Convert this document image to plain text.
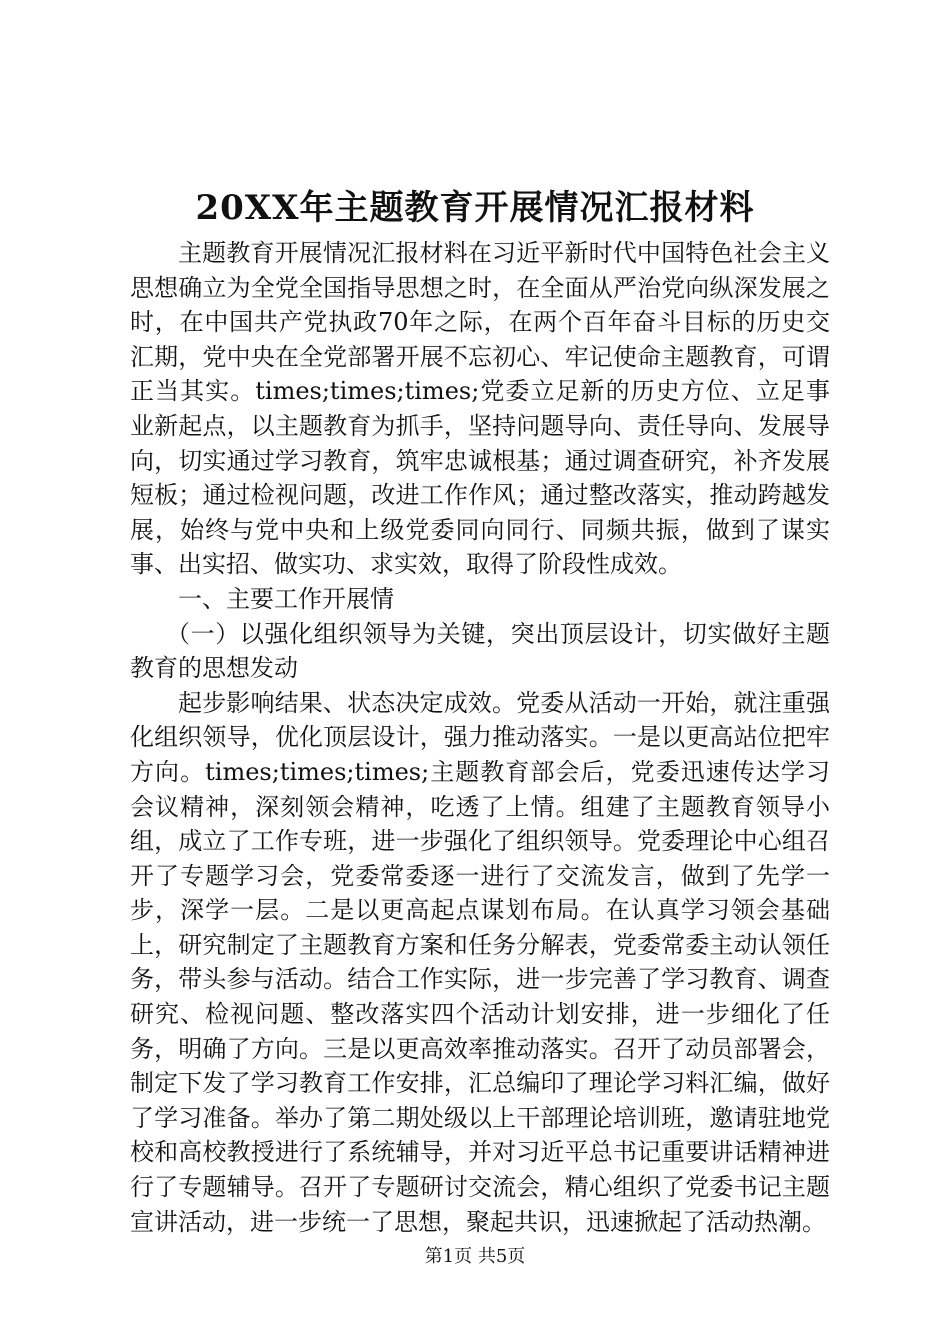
20XX年主题教育开展情况汇报材料

主题教育开展情况汇报材料在习近平新时代中国特色社会主义思想确立为全党全国指导思想之时，在全面从严治党向纵深发展之时，在中国共产党执政70年之际，在两个百年奋斗目标的历史交汇期，党中央在全党部署开展不忘初心、牢记使命主题教育，可谓正当其实。times;times;times;党委立足新的历史方位、立足事业新起点，以主题教育为抓手，坚持问题导向、责任导向、发展导向，切实通过学习教育，筑牢忠诚根基；通过调查研究，补齐发展短板；通过检视问题，改进工作作风；通过整改落实，推动跨越发展，始终与党中央和上级党委同向同行、同频共振，做到了谋实事、出实招、做实功、求实效，取得了阶段性成效。

一、主要工作开展情

（一）以强化组织领导为关键，突出顶层设计，切实做好主题教育的思想发动

起步影响结果、状态决定成效。党委从活动一开始，就注重强化组织领导，优化顶层设计，强力推动落实。一是以更高站位把牢方向。times;times;times;主题教育部会后，党委迅速传达学习会议精神，深刻领会精神，吃透了上情。组建了主题教育领导小组，成立了工作专班，进一步强化了组织领导。党委理论中心组召开了专题学习会，党委常委逐一进行了交流发言，做到了先学一步，深学一层。二是以更高起点谋划布局。在认真学习领会基础上，研究制定了主题教育方案和任务分解表，党委常委主动认领任务，带头参与活动。结合工作实际，进一步完善了学习教育、调查研究、检视问题、整改落实四个活动计划安排，进一步细化了任务，明确了方向。三是以更高效率推动落实。召开了动员部署会，制定下发了学习教育工作安排，汇总编印了理论学习料汇编，做好了学习准备。举办了第二期处级以上干部理论培训班，邀请驻地党校和高校教授进行了系统辅导，并对习近平总书记重要讲话精神进行了专题辅导。召开了专题研讨交流会，精心组织了党委书记主题宣讲活动，进一步统一了思想，聚起共识，迅速掀起了活动热潮。

第1页 共5页
